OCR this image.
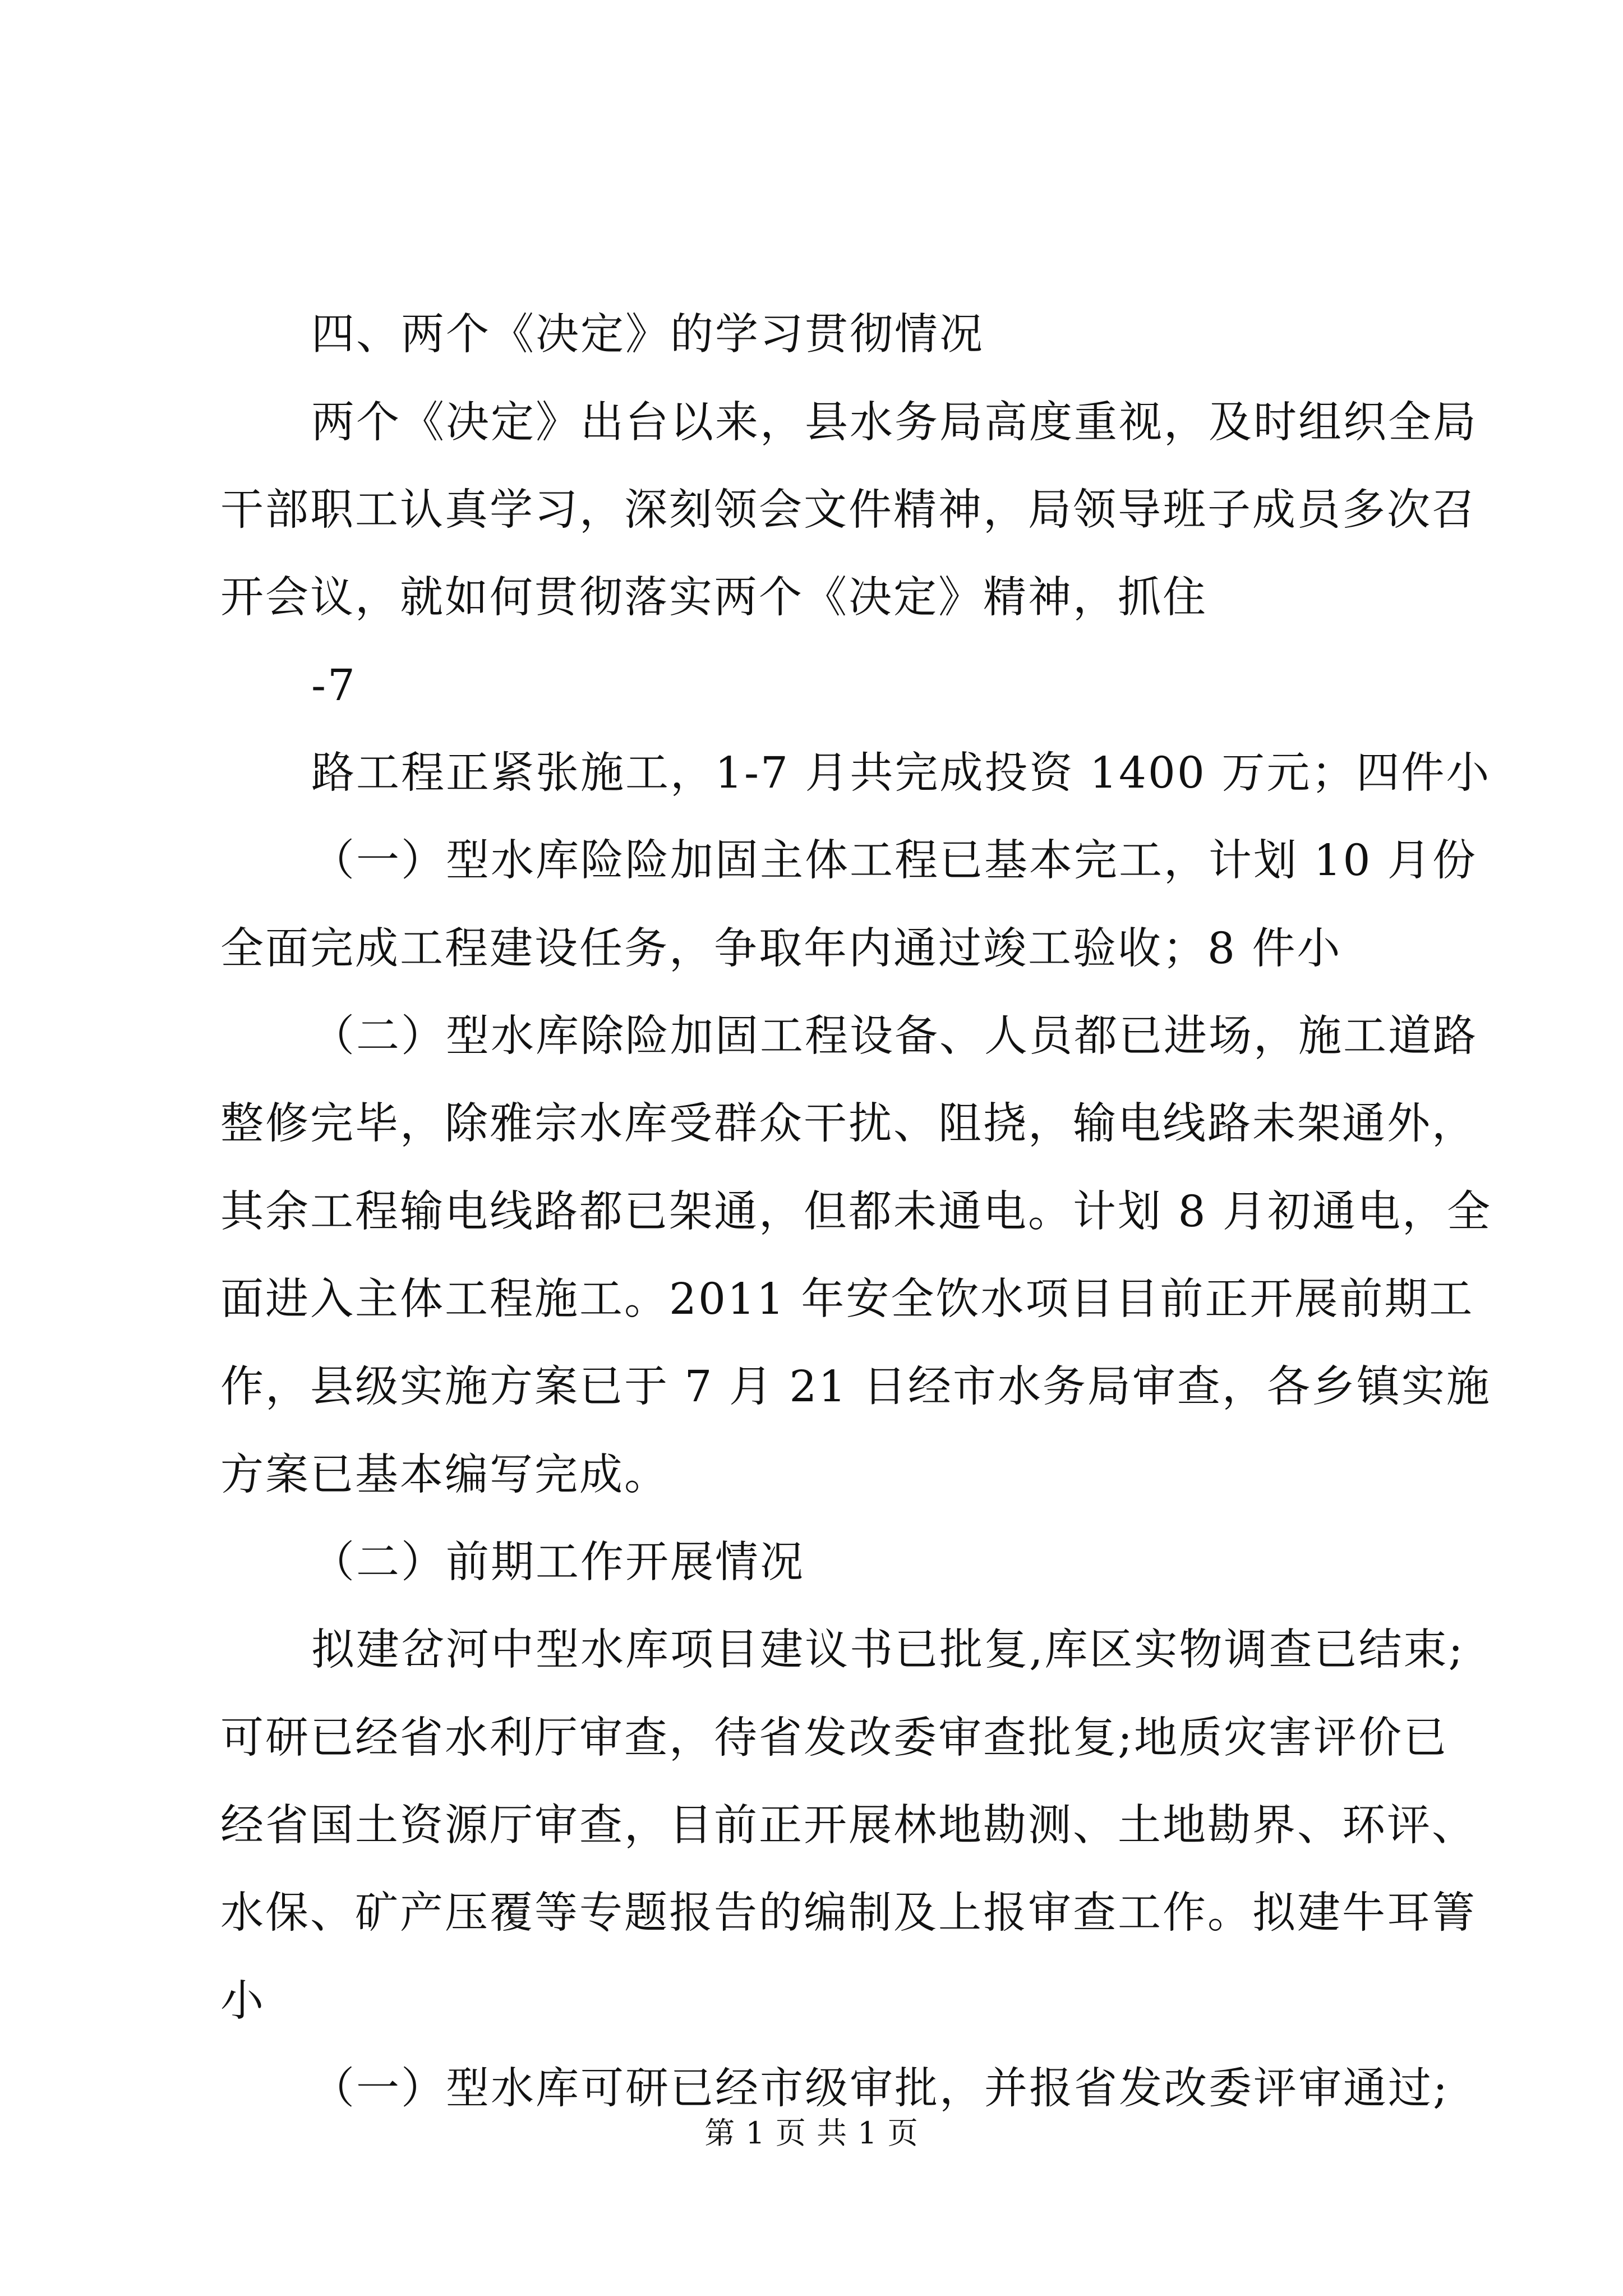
四、两个《决定》的学习贯彻情况
两个《决定》出台以来，县水务局高度重视，及时组织全局
干部职工认真学习，深刻领会文件精神，局领导班子成员多次召
开会议，就如何贯彻落实两个《决定》精神，抓住
-7
路工程正紧张施工，1-7 月共完成投资 1400 万元；四件小
（一）型水库险险加固主体工程已基本完工，计划 10 月份
全面完成工程建设任务，争取年内通过竣工验收；8 件小
（二）型水库除险加固工程设备、人员都已进场，施工道路
整修完毕，除雅宗水库受群众干扰、阻挠，输电线路未架通外，
其余工程输电线路都已架通，但都未通电。计划 8 月初通电，全
面进入主体工程施工。2011 年安全饮水项目目前正开展前期工
作，县级实施方案已于 7 月 21 日经市水务局审查，各乡镇实施
方案已基本编写完成。
（二）前期工作开展情况
拟建岔河中型水库项目建议书已批复,库区实物调查已结束;
可研已经省水利厅审查，待省发改委审查批复;地质灾害评价已
经省国土资源厅审查，目前正开展林地勘测、土地勘界、环评、
水保、矿产压覆等专题报告的编制及上报审查工作。拟建牛耳箐
小
（一）型水库可研已经市级审批，并报省发改委评审通过;
第 1 页 共 1 页
